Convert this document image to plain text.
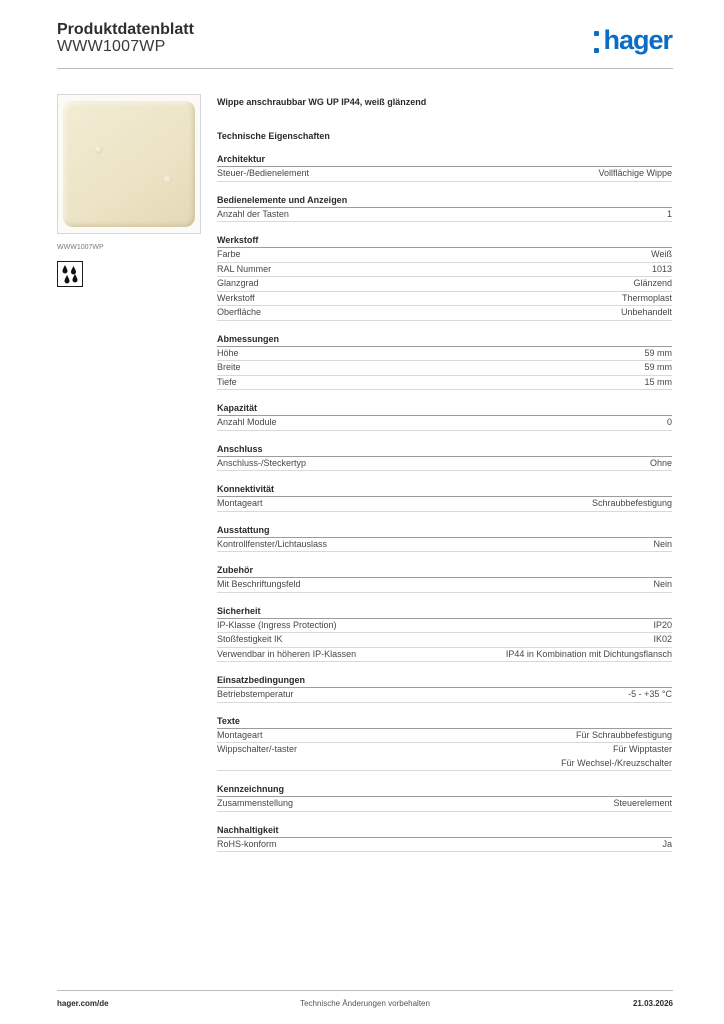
Produktdatenblatt
WWW1007WP	hager
WWW1007WP
Wippe anschraubbar WG UP IP44, weiß glänzend
Technische Eigenschaften
Architektur
Steuer-/Bedienelement	Vollflächige Wippe
Bedienelemente und Anzeigen
Anzahl der Tasten	1
Werkstoff
Farbe	Weiß
RAL Nummer	1013
Glanzgrad	Glänzend
Werkstoff	Thermoplast
Oberfläche	Unbehandelt
Abmessungen
Höhe	59 mm
Breite	59 mm
Tiefe	15 mm
Kapazität
Anzahl Module	0
Anschluss
Anschluss-/Steckertyp	Ohne
Konnektivität
Montageart	Schraubbefestigung
Ausstattung
Kontrollfenster/Lichtauslass	Nein
Zubehör
Mit Beschriftungsfeld	Nein
Sicherheit
IP-Klasse (Ingress Protection)	IP20
Stoßfestigkeit IK	IK02
Verwendbar in höheren IP-Klassen	IP44 in Kombination mit Dichtungsflansch
Einsatzbedingungen
Betriebstemperatur	-5 - +35 °C
Texte
Montageart	Für Schraubbefestigung
Wippschalter/-taster	Für Wipptaster
Für Wechsel-/Kreuzschalter
Kennzeichnung
Zusammenstellung	Steuerelement
Nachhaltigkeit
RoHS-konform	Ja
hager.com/de	Technische Änderungen vorbehalten	21.03.2026
